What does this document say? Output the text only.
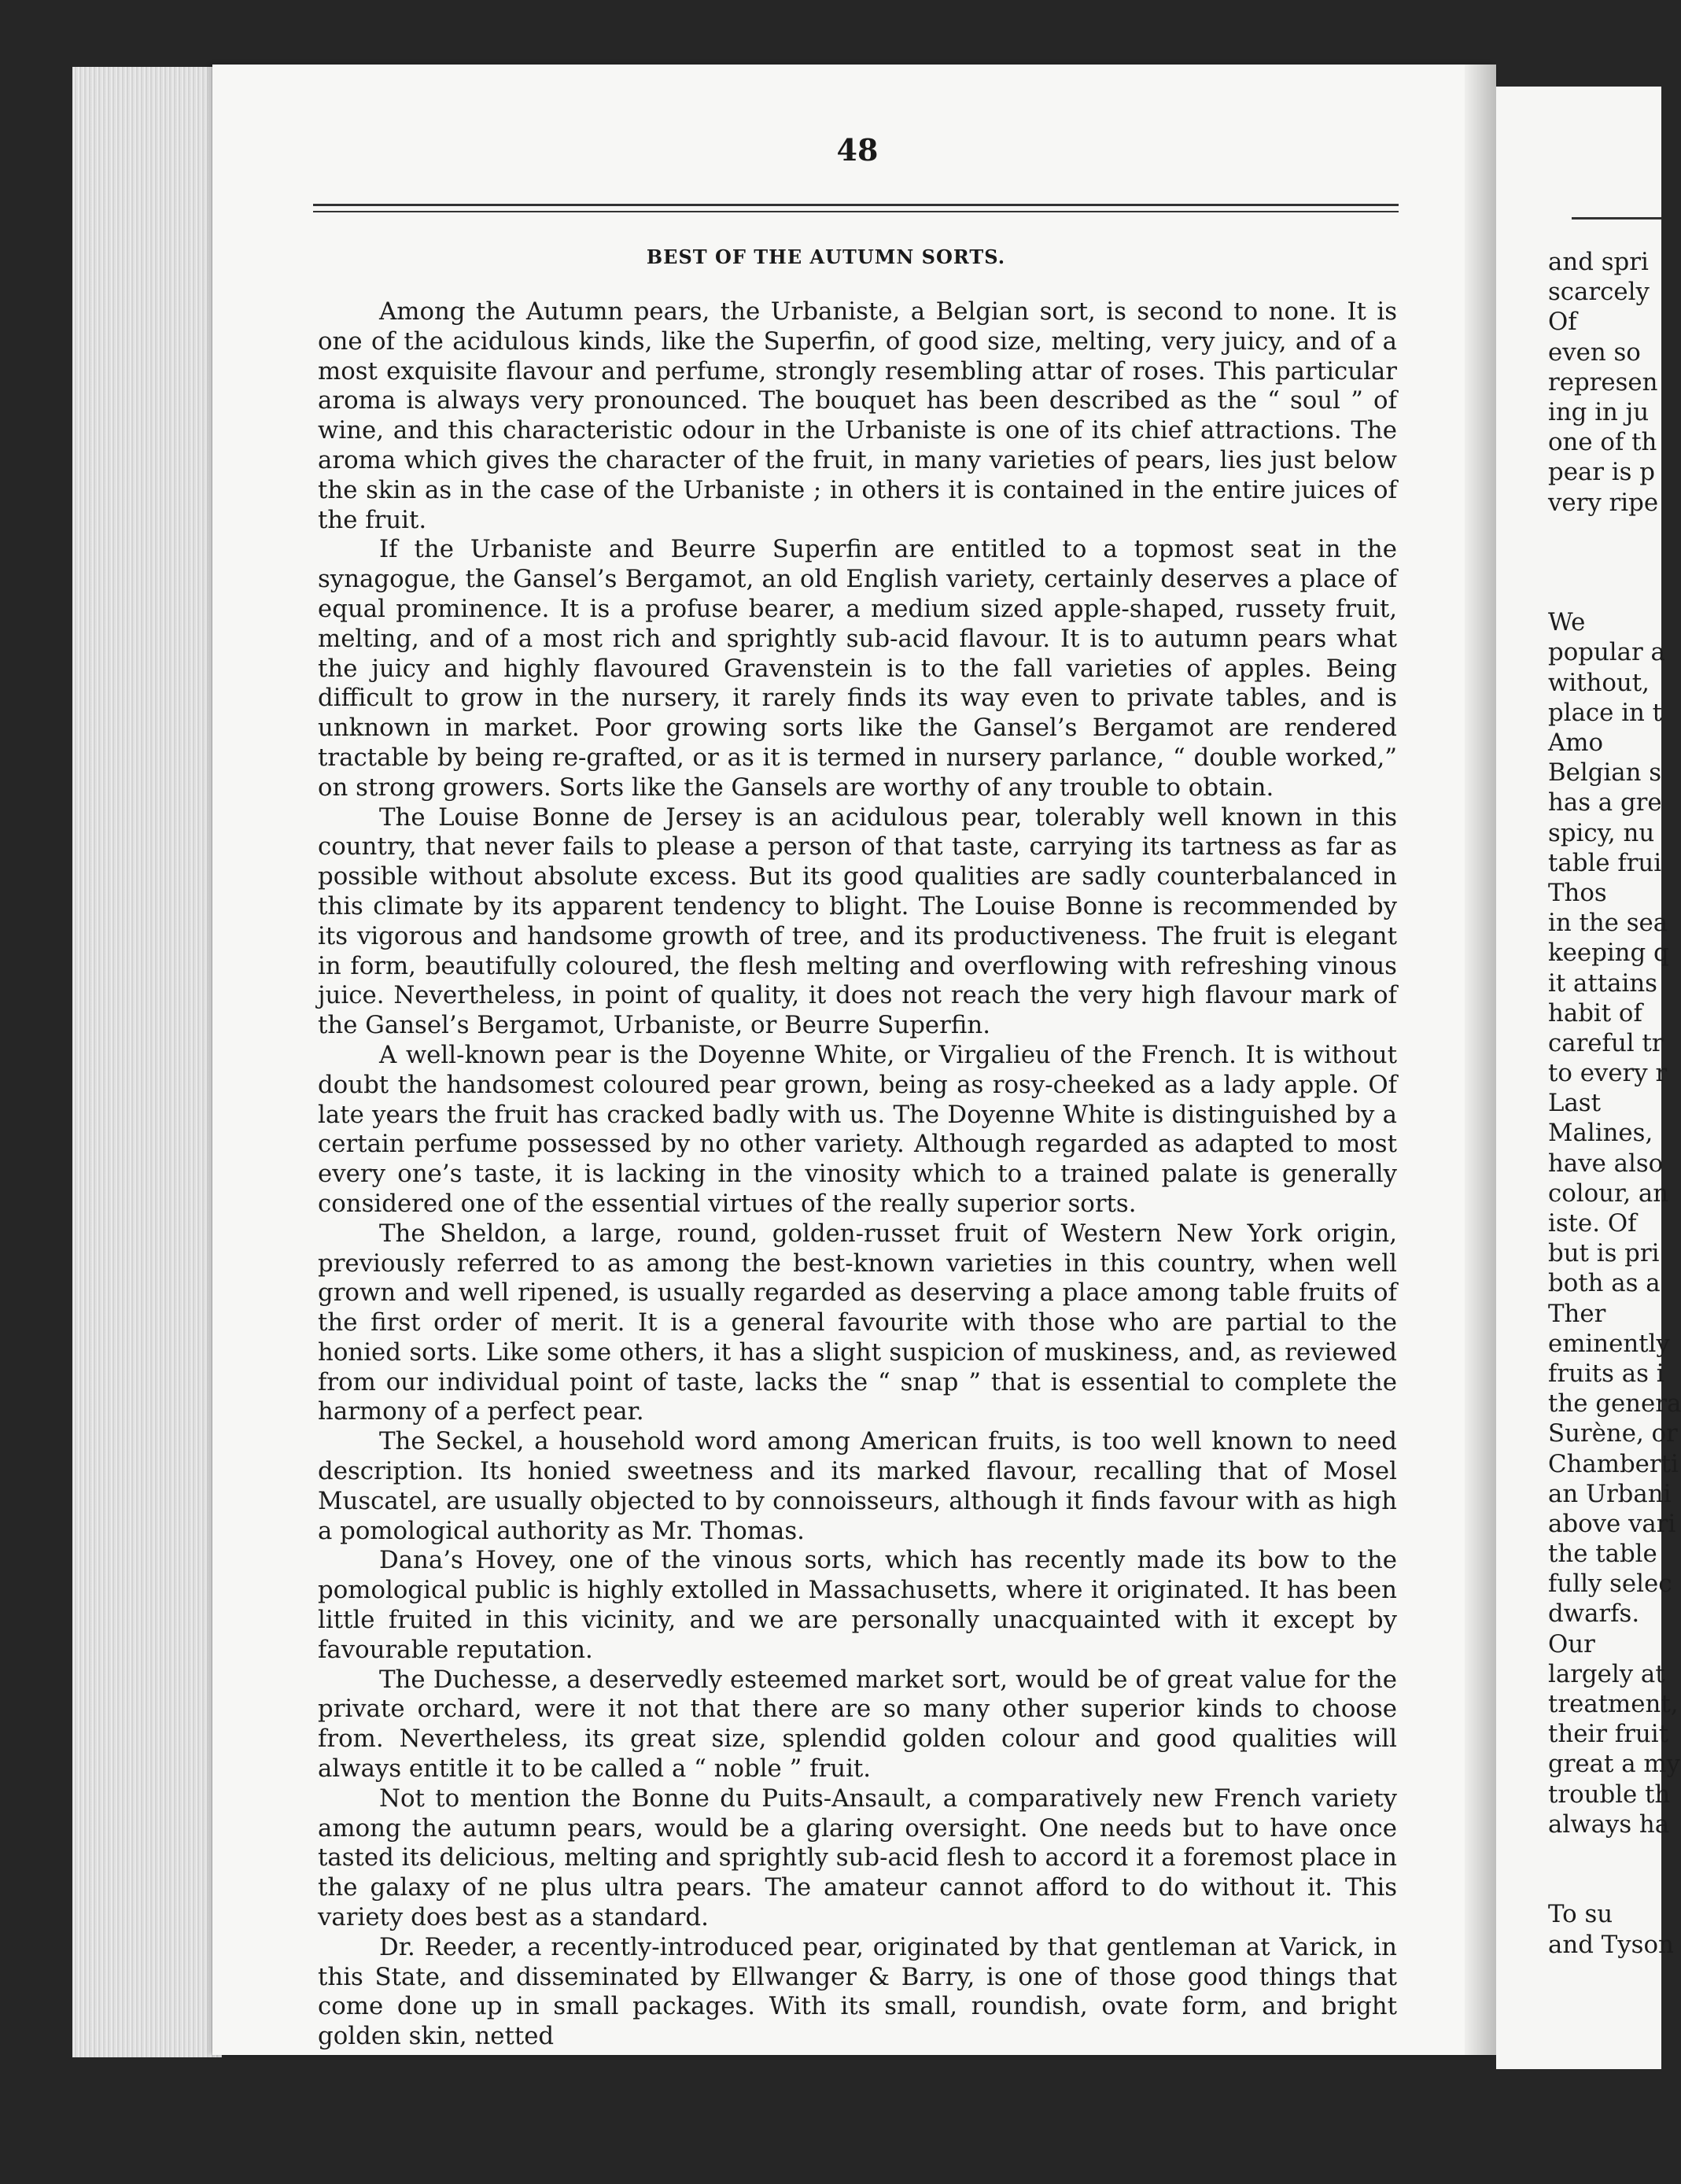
48
BEST OF THE AUTUMN SORTS.

Among the Autumn pears, the Urbaniste, a Belgian sort, is second to none. It is one of the acidulous kinds, like the Superfin, of good size, melting, very juicy, and of a most exquisite flavour and perfume, strongly resembling attar of roses. This particular aroma is always very pronounced. The bouquet has been described as the “ soul ” of wine, and this characteristic odour in the Urbaniste is one of its chief attractions. The aroma which gives the character of the fruit, in many varieties of pears, lies just below the skin as in the case of the Urbaniste ; in others it is contained in the entire juices of the fruit.

If the Urbaniste and Beurre Superfin are entitled to a topmost seat in the synagogue, the Gansel’s Bergamot, an old English variety, certainly deserves a place of equal prominence. It is a profuse bearer, a medium sized apple-shaped, russety fruit, melting, and of a most rich and sprightly sub-acid flavour. It is to autumn pears what the juicy and highly flavoured Gravenstein is to the fall varieties of apples. Being difficult to grow in the nursery, it rarely finds its way even to private tables, and is unknown in market. Poor growing sorts like the Gansel’s Bergamot are rendered tractable by being re-grafted, or as it is termed in nursery parlance, “ double worked,” on strong growers. Sorts like the Gansels are worthy of any trouble to obtain.

The Louise Bonne de Jersey is an acidulous pear, tolerably well known in this country, that never fails to please a person of that taste, carrying its tartness as far as possible without absolute excess. But its good qualities are sadly counterbalanced in this climate by its apparent tendency to blight. The Louise Bonne is recommended by its vigorous and handsome growth of tree, and its productiveness. The fruit is elegant in form, beautifully coloured, the flesh melting and overflowing with refreshing vinous juice. Nevertheless, in point of quality, it does not reach the very high flavour mark of the Gansel’s Bergamot, Urbaniste, or Beurre Superfin.

A well-known pear is the Doyenne White, or Virgalieu of the French. It is without doubt the handsomest coloured pear grown, being as rosy-cheeked as a lady apple. Of late years the fruit has cracked badly with us. The Doyenne White is distinguished by a certain perfume possessed by no other variety. Although regarded as adapted to most every one’s taste, it is lacking in the vinosity which to a trained palate is generally considered one of the essential virtues of the really superior sorts.

The Sheldon, a large, round, golden-russet fruit of Western New York origin, previously referred to as among the best-known varieties in this country, when well grown and well ripened, is usually regarded as deserving a place among table fruits of the first order of merit. It is a general favourite with those who are partial to the honied sorts. Like some others, it has a slight suspicion of muskiness, and, as reviewed from our individual point of taste, lacks the “ snap ” that is essential to complete the harmony of a perfect pear.

The Seckel, a household word among American fruits, is too well known to need description. Its honied sweetness and its marked flavour, recalling that of Mosel Muscatel, are usually objected to by connoisseurs, although it finds favour with as high a pomological authority as Mr. Thomas.

Dana’s Hovey, one of the vinous sorts, which has recently made its bow to the pomological public is highly extolled in Massachusetts, where it originated. It has been little fruited in this vicinity, and we are personally unacquainted with it except by favourable reputation.

The Duchesse, a deservedly esteemed market sort, would be of great value for the private orchard, were it not that there are so many other superior kinds to choose from. Nevertheless, its great size, splendid golden colour and good qualities will always entitle it to be called a “ noble ” fruit.

Not to mention the Bonne du Puits-Ansault, a comparatively new French variety among the autumn pears, would be a glaring oversight. One needs but to have once tasted its delicious, melting and sprightly sub-acid flesh to accord it a foremost place in the galaxy of ne plus ultra pears. The amateur cannot afford to do without it. This variety does best as a standard.

Dr. Reeder, a recently-introduced pear, originated by that gentleman at Varick, in this State, and disseminated by Ellwanger & Barry, is one of those good things that come done up in small packages. With its small, roundish, ovate form, and bright golden skin, netted

and spri
scarcely
Of
even so
represen
ing in ju
one of th
pear is p
very ripe
We
popular a
without,
place in t
Amo
Belgian s
has a gre
spicy, nu
table frui
Thos
in the sea
keeping q
it attains
habit of
careful tr
to every r
Last
Malines,
have also
colour, an
iste. Of
but is pri
both as a
Ther
eminently
fruits as i
the genera
Surène, or
Chamberti
an Urbani
above vari
the table
fully selec
dwarfs.
Our
largely at
treatment,
their fruit
great a my
trouble th
always ha
To su
and Tyson
